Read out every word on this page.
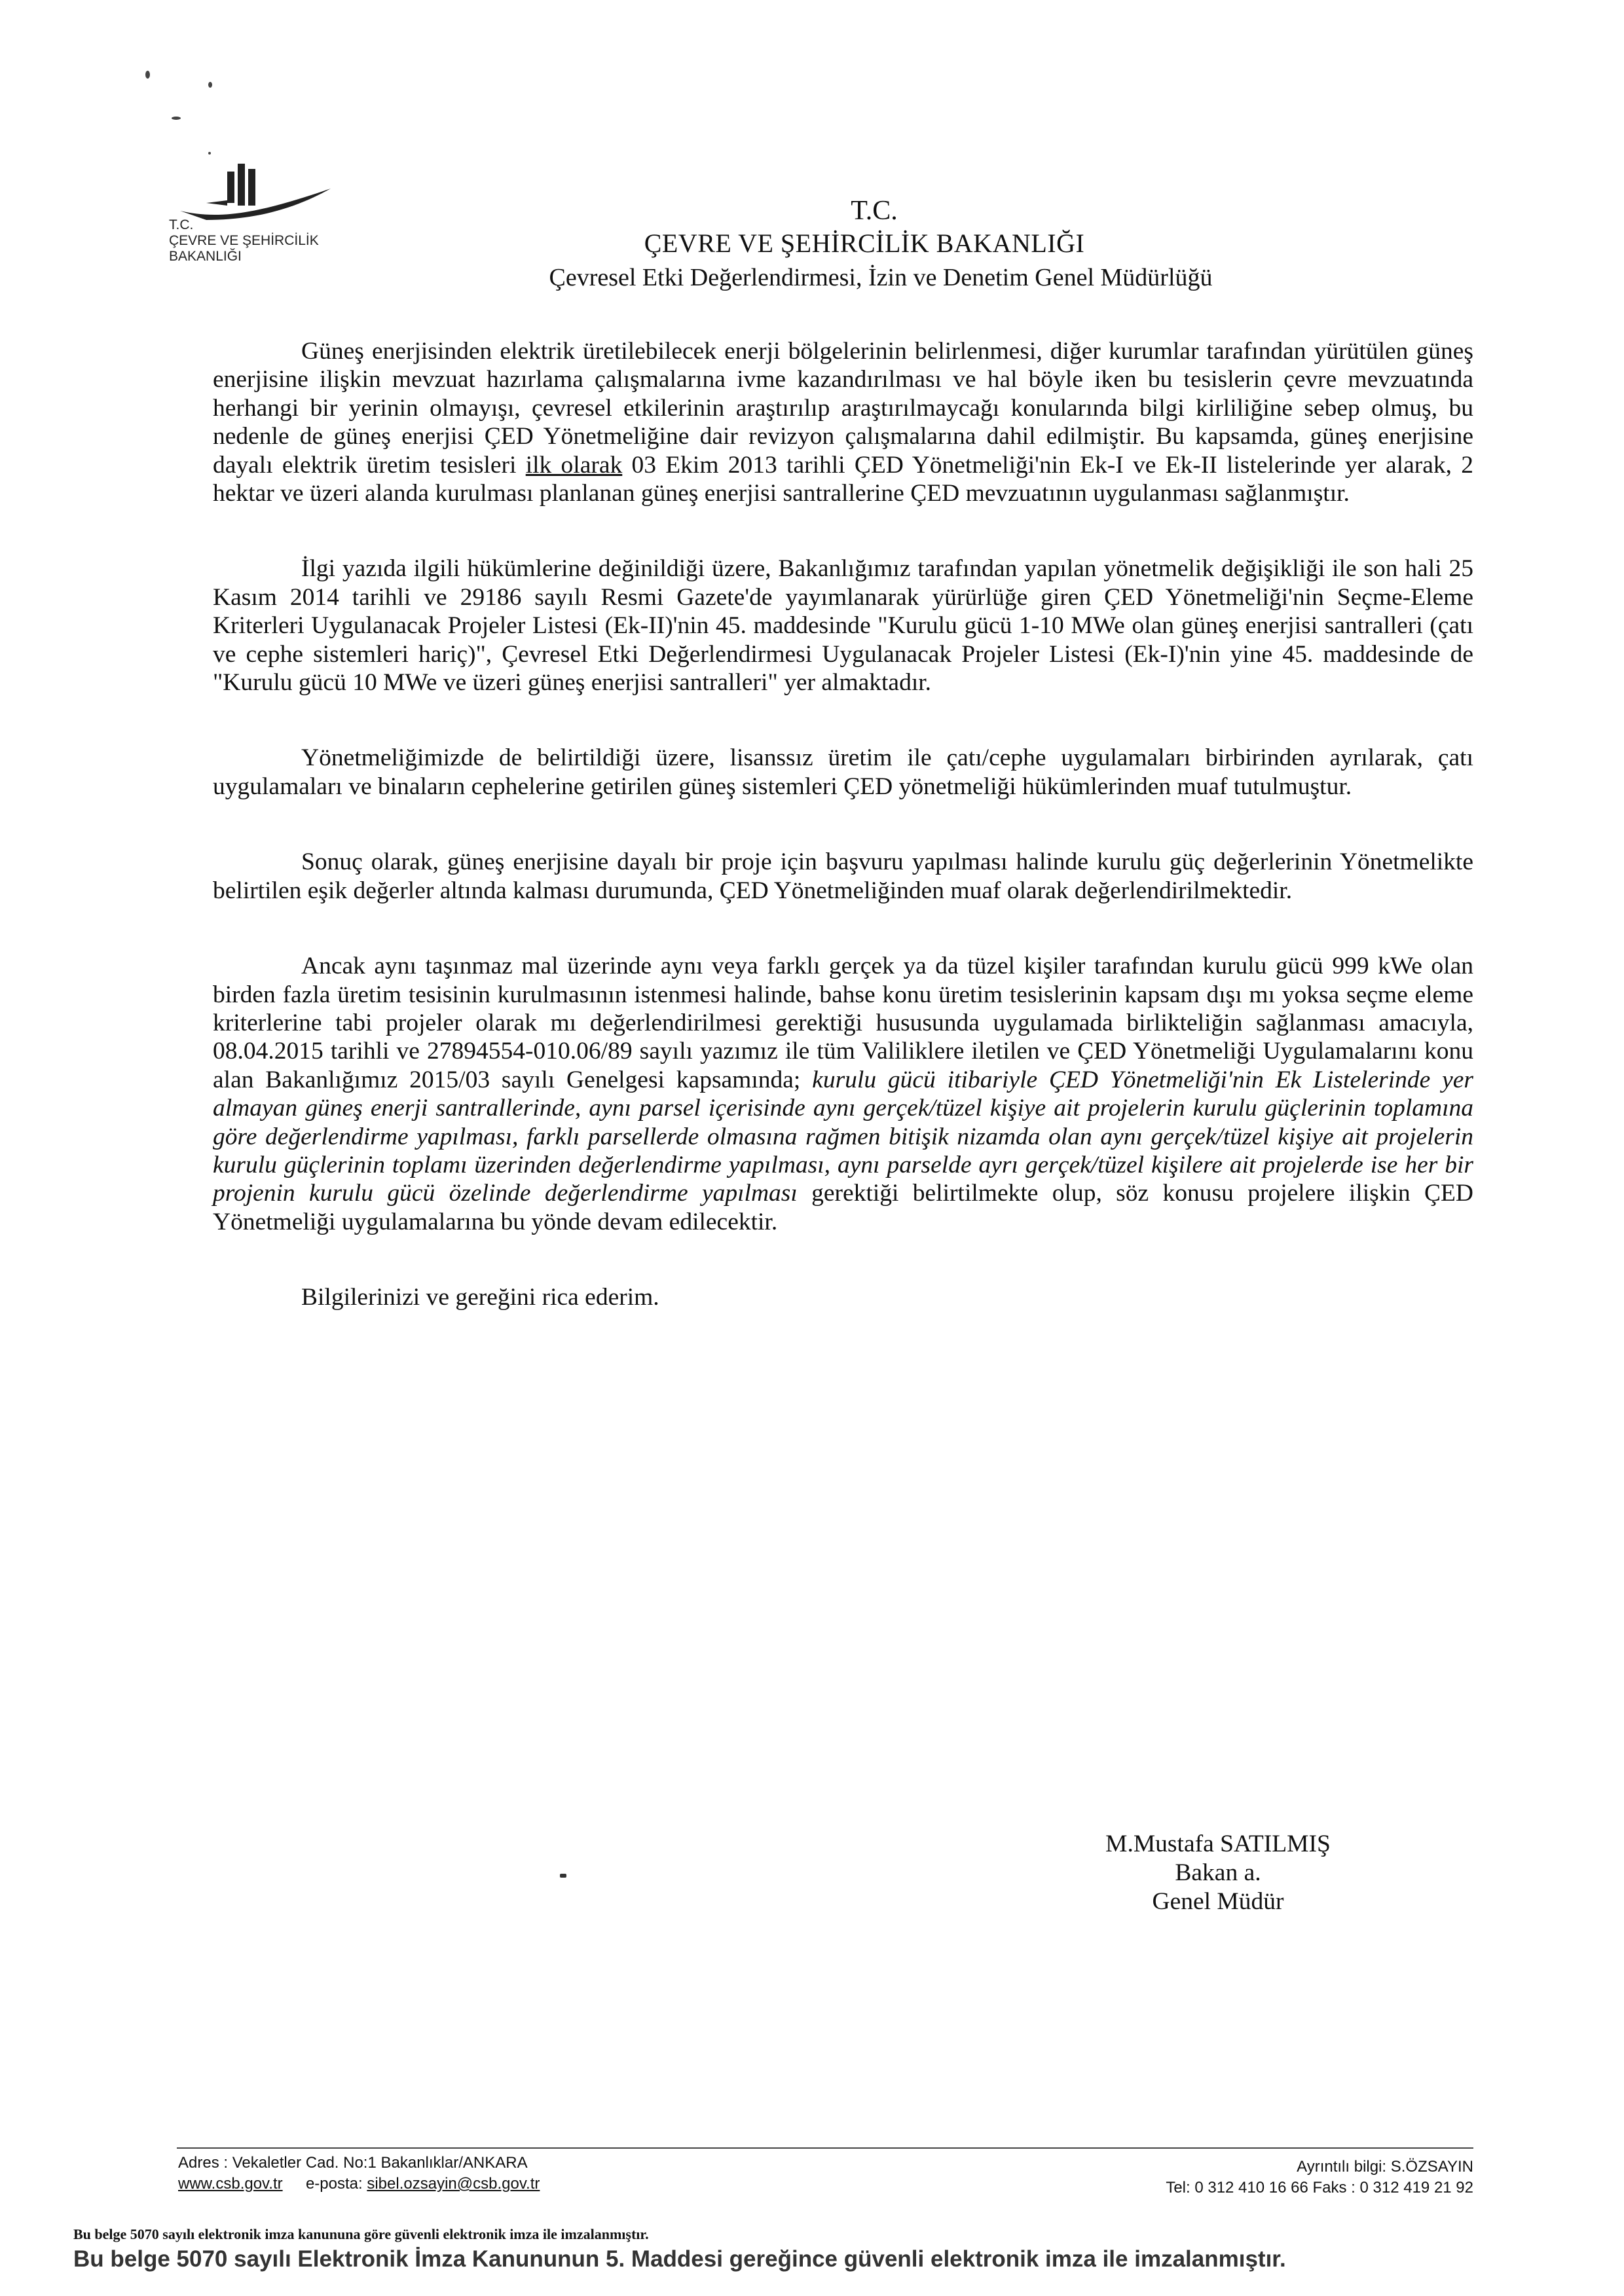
T.C.
ÇEVRE VE ŞEHİRCİLİK
BAKANLIĞI
T.C.
ÇEVRE VE ŞEHİRCİLİK BAKANLIĞI
Çevresel Etki Değerlendirmesi, İzin ve Denetim Genel Müdürlüğü

Güneş enerjisinden elektrik üretilebilecek enerji bölgelerinin belirlenmesi, diğer kurumlar tarafından yürütülen güneş enerjisine ilişkin mevzuat hazırlama çalışmalarına ivme kazandırılması ve hal böyle iken bu tesislerin çevre mevzuatında herhangi bir yerinin olmayışı, çevresel etkilerinin araştırılıp araştırılmaycağı konularında bilgi kirliliğine sebep olmuş, bu nedenle de güneş enerjisi ÇED Yönetmeliğine dair revizyon çalışmalarına dahil edilmiştir. Bu kapsamda, güneş enerjisine dayalı elektrik üretim tesisleri ilk olarak 03 Ekim 2013 tarihli ÇED Yönetmeliği'nin Ek-I ve Ek-II listelerinde yer alarak, 2 hektar ve üzeri alanda kurulması planlanan güneş enerjisi santrallerine ÇED mevzuatının uygulanması sağlanmıştır.

İlgi yazıda ilgili hükümlerine değinildiği üzere, Bakanlığımız tarafından yapılan yönetmelik değişikliği ile son hali 25 Kasım 2014 tarihli ve 29186 sayılı Resmi Gazete'de yayımlanarak yürürlüğe giren ÇED Yönetmeliği'nin Seçme-Eleme Kriterleri Uygulanacak Projeler Listesi (Ek-II)'nin 45. maddesinde "Kurulu gücü 1-10 MWe olan güneş enerjisi santralleri (çatı ve cephe sistemleri hariç)", Çevresel Etki Değerlendirmesi Uygulanacak Projeler Listesi (Ek-I)'nin yine 45. maddesinde de "Kurulu gücü 10 MWe ve üzeri güneş enerjisi santralleri" yer almaktadır.

Yönetmeliğimizde de belirtildiği üzere, lisanssız üretim ile çatı/cephe uygulamaları birbirinden ayrılarak, çatı uygulamaları ve binaların cephelerine getirilen güneş sistemleri ÇED yönetmeliği hükümlerinden muaf tutulmuştur.

Sonuç olarak, güneş enerjisine dayalı bir proje için başvuru yapılması halinde kurulu güç değerlerinin Yönetmelikte belirtilen eşik değerler altında kalması durumunda, ÇED Yönetmeliğinden muaf olarak değerlendirilmektedir.

Ancak aynı taşınmaz mal üzerinde aynı veya farklı gerçek ya da tüzel kişiler tarafından kurulu gücü 999 kWe olan birden fazla üretim tesisinin kurulmasının istenmesi halinde, bahse konu üretim tesislerinin kapsam dışı mı yoksa seçme eleme kriterlerine tabi projeler olarak mı değerlendirilmesi gerektiği hususunda uygulamada birlikteliğin sağlanması amacıyla, 08.04.2015 tarihli ve 27894554-010.06/89 sayılı yazımız ile tüm Valiliklere iletilen ve ÇED Yönetmeliği Uygulamalarını konu alan Bakanlığımız 2015/03 sayılı Genelgesi kapsamında; kurulu gücü itibariyle ÇED Yönetmeliği'nin Ek Listelerinde yer almayan güneş enerji santrallerinde, aynı parsel içerisinde aynı gerçek/tüzel kişiye ait projelerin kurulu güçlerinin toplamına göre değerlendirme yapılması, farklı parsellerde olmasına rağmen bitişik nizamda olan aynı gerçek/tüzel kişiye ait projelerin kurulu güçlerinin toplamı üzerinden değerlendirme yapılması, aynı parselde ayrı gerçek/tüzel kişilere ait projelerde ise her bir projenin kurulu gücü özelinde değerlendirme yapılması gerektiği belirtilmekte olup, söz konusu projelere ilişkin ÇED Yönetmeliği uygulamalarına bu yönde devam edilecektir.

Bilgilerinizi ve gereğini rica ederim.

M.Mustafa SATILMIŞ
Bakan a.
Genel Müdür
Adres : Vekaletler Cad. No:1 Bakanlıklar/ANKARA
www.csb.gov.tr e-posta: sibel.ozsayin@csb.gov.tr
Ayrıntılı bilgi: S.ÖZSAYIN
Tel: 0 312 410 16 66 Faks : 0 312 419 21 92
Bu belge 5070 sayılı elektronik imza kanununa göre güvenli elektronik imza ile imzalanmıştır.
Bu belge 5070 sayılı Elektronik İmza Kanununun 5. Maddesi gereğince güvenli elektronik imza ile imzalanmıştır.
